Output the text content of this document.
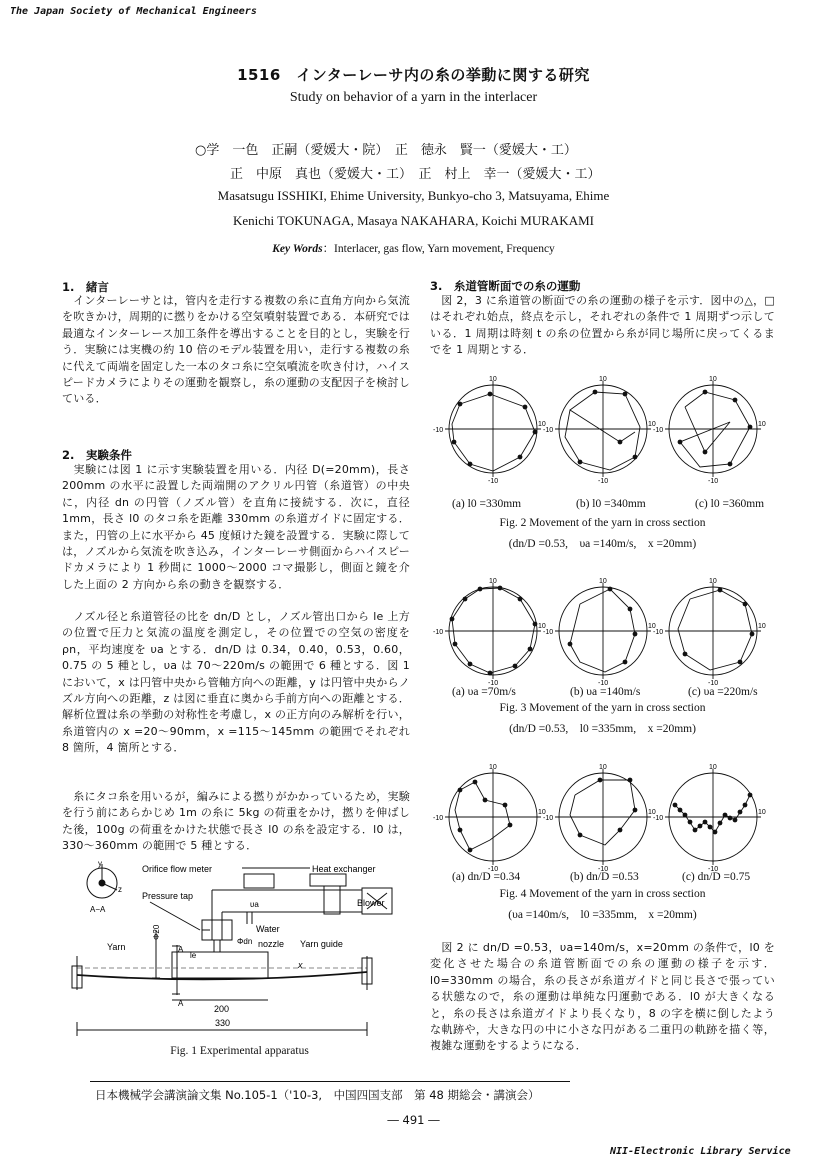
The Japan Society of Mechanical Engineers
1516　インターレーサ内の糸の挙動に関する研究
Study on behavior of a yarn in the interlacer
○学　一色　正嗣（愛媛大・院）　正　徳永　賢一（愛媛大・工）
正　中原　真也（愛媛大・工）　正　村上　幸一（愛媛大・工）
Masatsugu ISSHIKI, Ehime University, Bunkyo-cho 3, Matsuyama, Ehime
Kenichi TOKUNAGA, Masaya NAKAHARA, Koichi MURAKAMI
Key Words：Interlacer, gas flow, Yarn movement, Frequency
1.　緒言
　インターレーサとは，管内を走行する複数の糸に直角方向から気流を吹きかけ，周期的に撚りをかける空気噴射装置である．本研究では最適なインターレース加工条件を導出することを目的とし，実験を行う．実験には実機の約 10 倍のモデル装置を用い，走行する複数の糸に代えて両端を固定した一本のタコ糸に空気噴流を吹き付け，ハイスピードカメラによりその運動を観察し，糸の運動の支配因子を検討している．
2.　実験条件
　実験には図 1 に示す実験装置を用いる．内径 D(=20mm)，長さ 200mm の水平に設置した両端開のアクリル円管（糸道管）の中央に，内径 dn の円管（ノズル管）を直角に接続する．次に，直径 1mm，長さ l0 のタコ糸を距離 330mm の糸道ガイドに固定する．また，円管の上に水平から 45 度傾けた鏡を設置する．実験に際しては，ノズルから気流を吹き込み，インターレーサ側面からハイスピードカメラにより 1 秒間に 1000～2000 コマ撮影し，側面と鏡を介した上面の 2 方向から糸の動きを観察する．
　ノズル径と糸道管径の比を dn/D とし，ノズル管出口から le 上方の位置で圧力と気流の温度を測定し，その位置での空気の密度を ρn，平均速度を υa とする．dn/D は 0.34，0.40，0.53，0.60，0.75 の 5 種とし，υa は 70～220m/s の範囲で 6 種とする．図 1 において，x は円管中央から管軸方向への距離，y は円管中央からノズル方向への距離，z は図に垂直に奥から手前方向への距離とする．解析位置は糸の挙動の対称性を考慮し，x の正方向のみ解析を行い，糸道管内の x =20～90mm，x =115～145mm の範囲でそれぞれ 8 箇所，4 箇所とする．
　糸にタコ糸を用いるが，編みによる撚りがかかっているため，実験を行う前にあらかじめ 1m の糸に 5kg の荷重をかけ，撚りを伸ばした後，100g の荷重をかけた状態で長さ l0 の糸を設定する．l0 は，330～360mm の範囲で 5 種とする．
y
z
A−A
Orifice flow meter	Heat exchanger
Pressure tap
Blower
υa
Water
Φdn nozzle Yarn guide
Yarn
Φ20
le
A
A
x
200
330
Fig. 1 Experimental apparatus
3.　糸道管断面での糸の運動
　図 2，3 に糸道管の断面での糸の運動の様子を示す．図中の△，□はそれぞれ始点，終点を示し，それぞれの条件で 1 周期ずつ示している．1 周期は時刻 t の糸の位置から糸が同じ場所に戻ってくるまでを 1 周期とする．
10
-10
10
-10
10
-10
10
-10
10
-10
10
-10
(a) l0 =330mm	(b) l0 =340mm	(c) l0 =360mm
Fig. 2 Movement of the yarn in cross section
(dn/D =0.53,　υa =140m/s,　x =20mm)
10
-10
10
-10
10
-10
10
-10
10
-10
10
-10
(a) υa =70m/s	(b) υa =140m/s	(c) υa =220m/s
Fig. 3 Movement of the yarn in cross section
(dn/D =0.53,　l0 =335mm,　x =20mm)
10
-10
10
-10
10
-10
10
-10
10
-10
10
-10
(a) dn/D =0.34	(b) dn/D =0.53	(c) dn/D =0.75
Fig. 4 Movement of the yarn in cross section
(υa =140m/s,　l0 =335mm,　x =20mm)
　図 2 に dn/D =0.53，υa=140m/s，x=20mm の条件で，l0 を変化させた場合の糸道管断面での糸の運動の様子を示す．l0=330mm の場合，糸の長さが糸道ガイドと同じ長さで張っている状態なので，糸の運動は単純な円運動である．l0 が大きくなると，糸の長さは糸道ガイドより長くなり，8 の字を横に倒したような軌跡や，大きな円の中に小さな円がある二重円の軌跡を描く等，複雑な運動をするようになる．
日本機械学会講演論文集 No.105-1（'10-3,　中国四国支部　第 48 期総会・講演会）
― 491 ―
NII-Electronic Library Service
